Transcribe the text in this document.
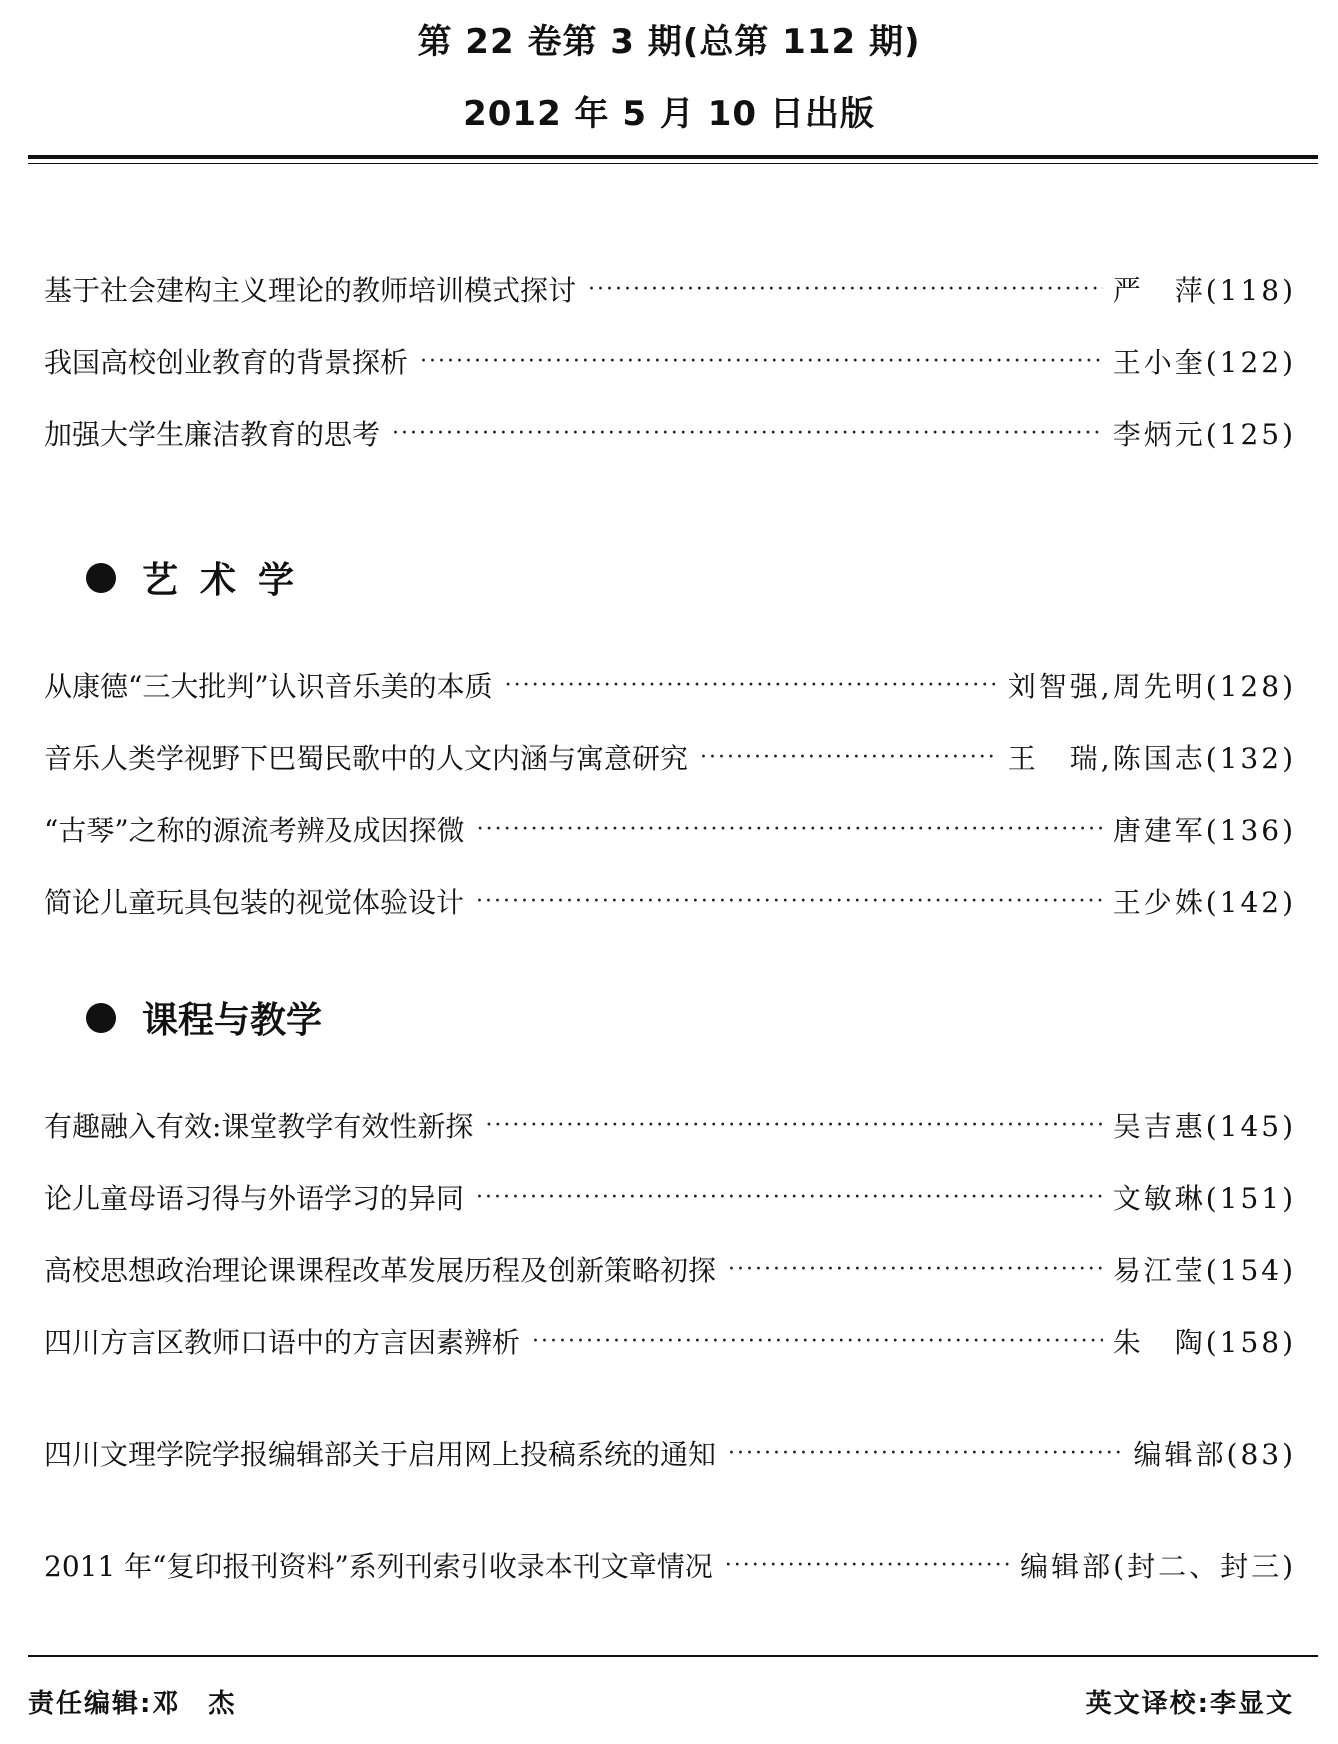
第 22 卷第 3 期(总第 112 期)
2012 年 5 月 10 日出版
基于社会建构主义理论的教师培训模式探讨 ·····	严　萍(118)
我国高校创业教育的背景探析 ·····	王小奎(122)
加强大学生廉洁教育的思考 ·····	李炳元(125)
从康德“三大批判”认识音乐美的本质 ·····	刘智强,周先明(128)
音乐人类学视野下巴蜀民歌中的人文内涵与寓意研究 ·····	王　瑞,陈国志(132)
“古琴”之称的源流考辨及成因探微 ·····	唐建军(136)
简论儿童玩具包装的视觉体验设计 ·····	王少姝(142)
有趣融入有效:课堂教学有效性新探 ·····	吴吉惠(145)
论儿童母语习得与外语学习的异同 ·····	文敏琳(151)
高校思想政治理论课课程改革发展历程及创新策略初探 ·····	易江莹(154)
四川方言区教师口语中的方言因素辨析 ·····	朱　陶(158)
四川文理学院学报编辑部关于启用网上投稿系统的通知 ·····	编辑部(83)
2011 年“复印报刊资料”系列刊索引收录本刊文章情况 ·····	编辑部(封二、封三)
艺术学
课程与教学
责任编辑:邓　杰	英文译校:李显文
